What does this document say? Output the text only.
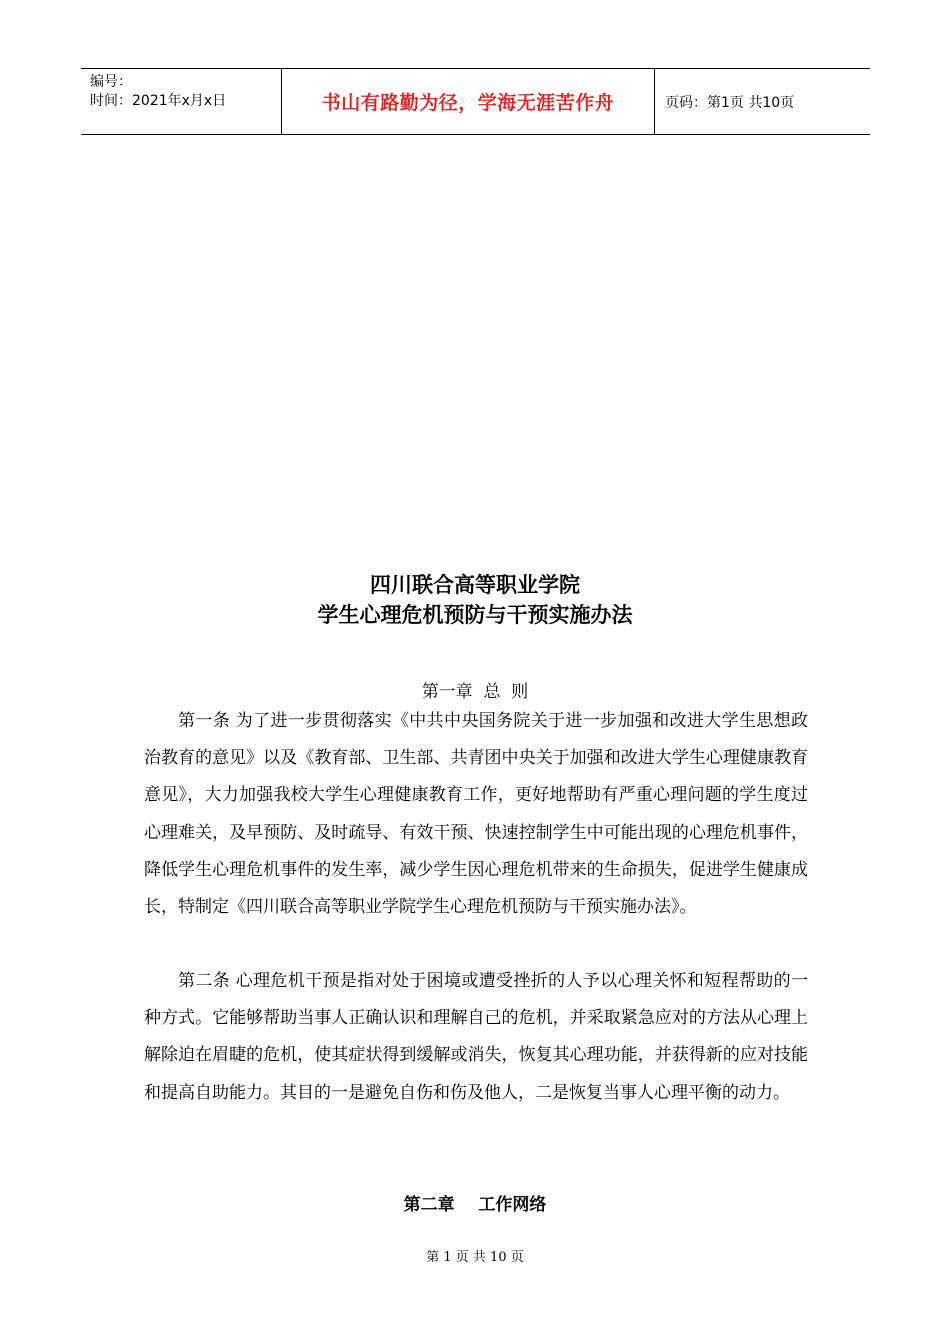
编号：
时间：2021年x月x日	书山有路勤为径，学海无涯苦作舟	页码：第1页 共10页
四川联合高等职业学院
学生心理危机预防与干预实施办法
第一章  总  则

第一条 为了进一步贯彻落实《中共中央国务院关于进一步加强和改进大学生思想政治教育的意见》以及《教育部、卫生部、共青团中央关于加强和改进大学生心理健康教育意见》，大力加强我校大学生心理健康教育工作，更好地帮助有严重心理问题的学生度过心理难关，及早预防、及时疏导、有效干预、快速控制学生中可能出现的心理危机事件，降低学生心理危机事件的发生率，减少学生因心理危机带来的生命损失，促进学生健康成长，特制定《四川联合高等职业学院学生心理危机预防与干预实施办法》。

第二条 心理危机干预是指对处于困境或遭受挫折的人予以心理关怀和短程帮助的一种方式。它能够帮助当事人正确认识和理解自己的危机，并采取紧急应对的方法从心理上解除迫在眉睫的危机，使其症状得到缓解或消失，恢复其心理功能，并获得新的应对技能和提高自助能力。其目的一是避免自伤和伤及他人，二是恢复当事人心理平衡的动力。

第二章    工作网络
第 1 页 共 10 页
